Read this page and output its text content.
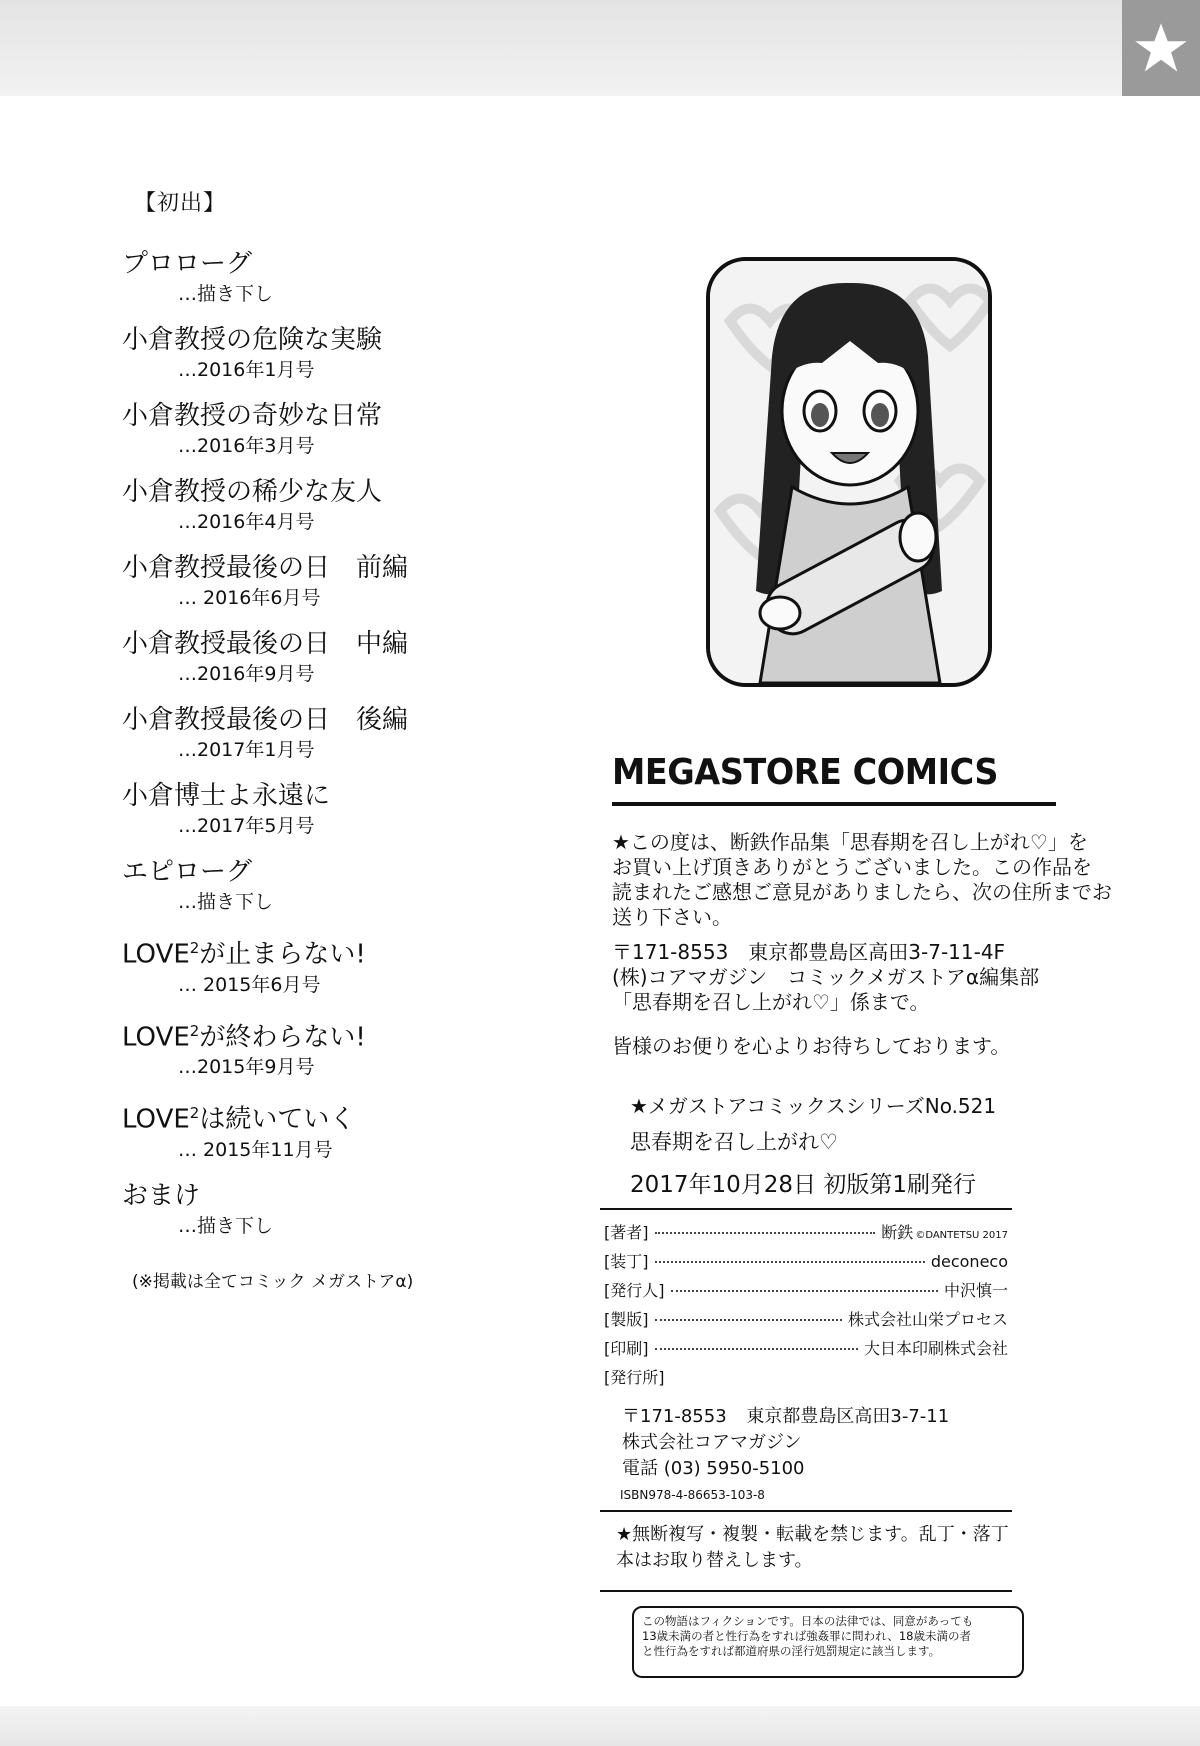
【初出】
プロローグ
…描き下し
小倉教授の危険な実験
…2016年1月号
小倉教授の奇妙な日常
…2016年3月号
小倉教授の稀少な友人
…2016年4月号
小倉教授最後の日　前編
… 2016年6月号
小倉教授最後の日　中編
…2016年9月号
小倉教授最後の日　後編
…2017年1月号
小倉博士よ永遠に
…2017年5月号
エピローグ
…描き下し
LOVE$^2$が止まらない!
… 2015年6月号
LOVE$^2$が終わらない!
…2015年9月号
LOVE$^2$は続いていく
… 2015年11月号
おまけ
…描き下し
(※掲載は全てコミック メガストアα)
MEGASTORE COMICS
★この度は、断鉄作品集「思春期を召し上がれ♡」を
お買い上げ頂きありがとうございました。この作品を
読まれたご感想ご意見がありましたら、次の住所までお
送り下さい。
〒171-8553　東京都豊島区高田3-7-11-4F
(株)コアマガジン　コミックメガストアα編集部
「思春期を召し上がれ♡」係まで。
皆様のお便りを心よりお待ちしております。
★メガストアコミックスシリーズNo.521
思春期を召し上がれ♡
2017年10月28日 初版第1刷発行
[著者]	断鉄 ©DANTETSU 2017
[装丁]	deconeco
[発行人]	中沢慎一
[製版]	株式会社山栄プロセス
[印刷]	大日本印刷株式会社
[発行所]
〒171-8553 東京都豊島区高田3-7-11
株式会社コアマガジン
電話 (03) 5950-5100
ISBN978-4-86653-103-8
★無断複写・複製・転載を禁じます。乱丁・落丁
本はお取り替えします。
この物語はフィクションです。日本の法律では、同意があっても
13歳未満の者と性行為をすれば強姦罪に問われ、18歳未満の者
と性行為をすれば都道府県の淫行処罰規定に該当します。
